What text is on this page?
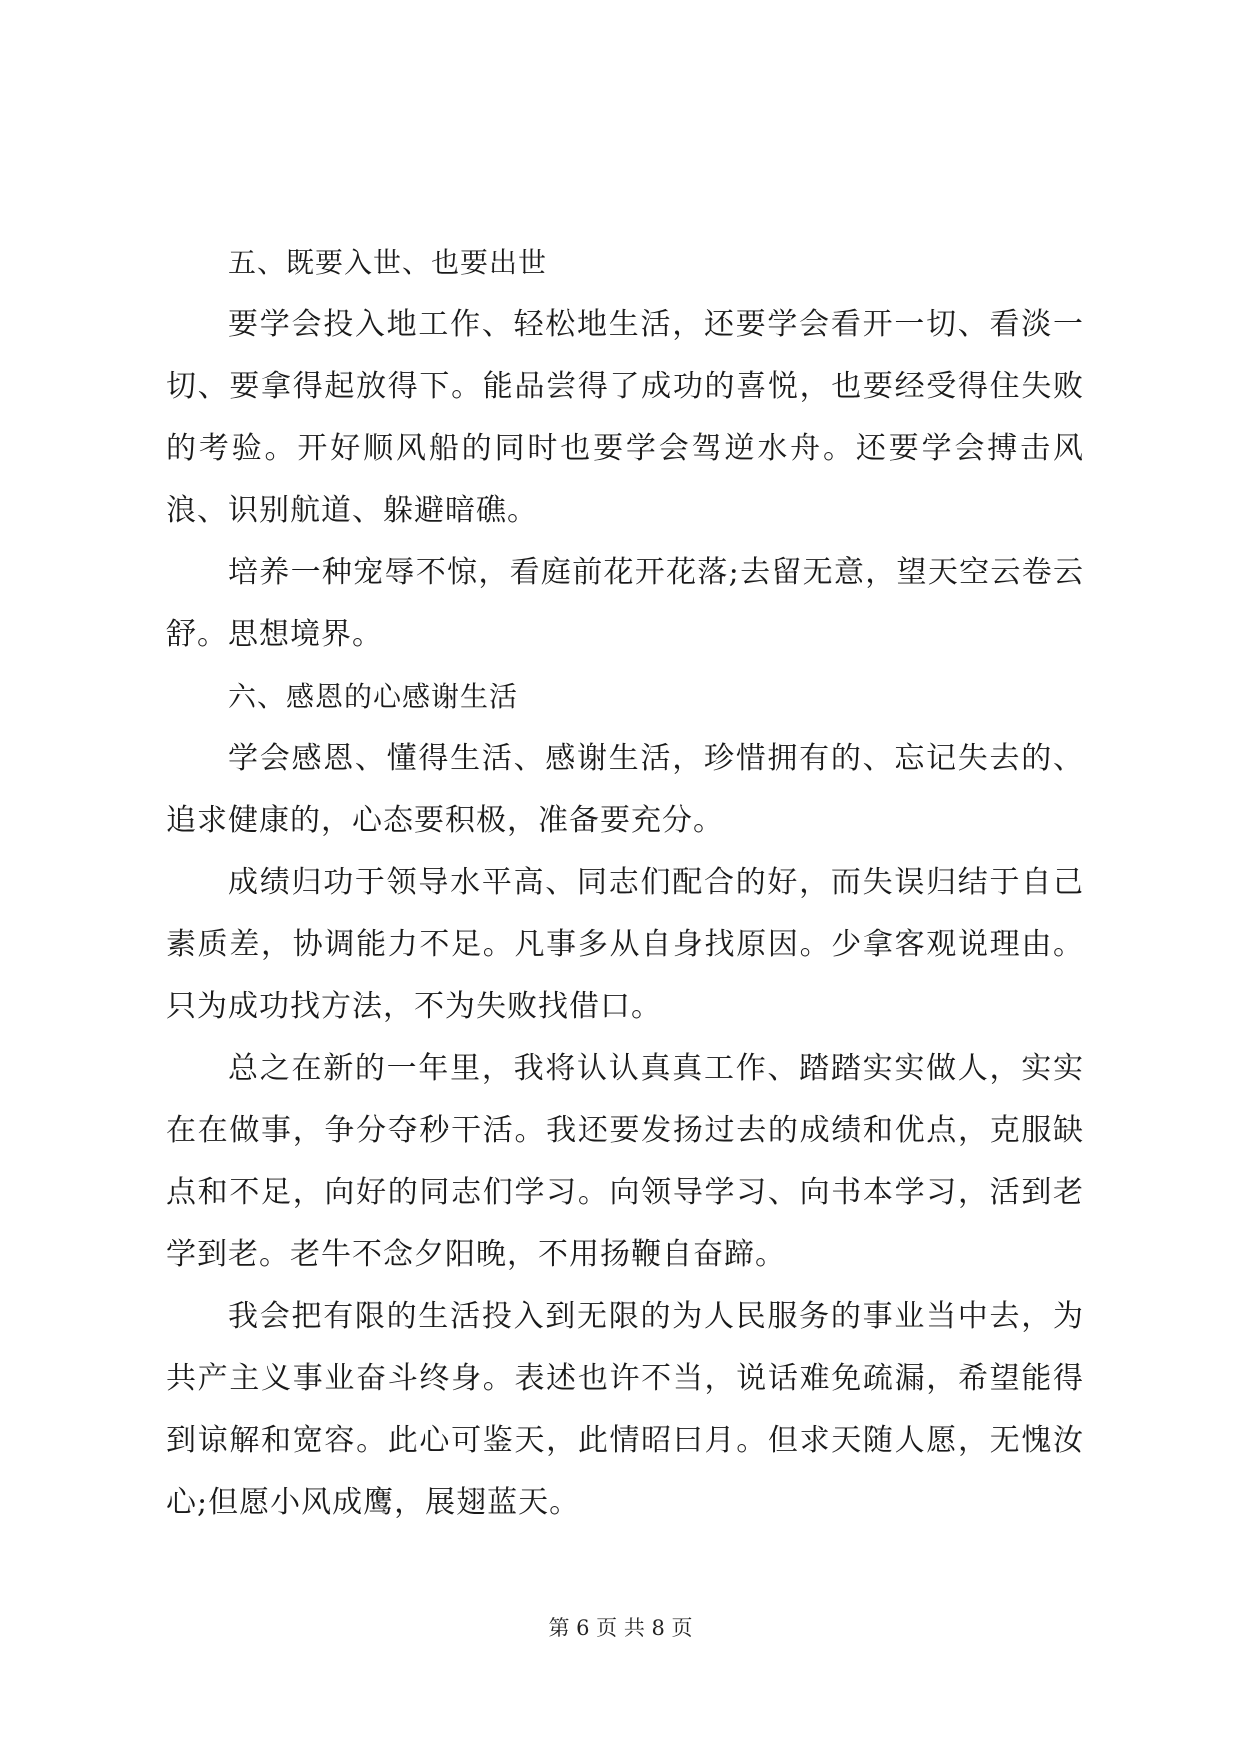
五、既要入世、也要出世

要学会投入地工作、轻松地生活，还要学会看开一切、看淡一切、要拿得起放得下。能品尝得了成功的喜悦，也要经受得住失败的考验。开好顺风船的同时也要学会驾逆水舟。还要学会搏击风浪、识别航道、躲避暗礁。

培养一种宠辱不惊，看庭前花开花落;去留无意，望天空云卷云舒。思想境界。

六、感恩的心感谢生活

学会感恩、懂得生活、感谢生活，珍惜拥有的、忘记失去的、追求健康的，心态要积极，准备要充分。

成绩归功于领导水平高、同志们配合的好，而失误归结于自己素质差，协调能力不足。凡事多从自身找原因。少拿客观说理由。只为成功找方法，不为失败找借口。

总之在新的一年里，我将认认真真工作、踏踏实实做人，实实在在做事，争分夺秒干活。我还要发扬过去的成绩和优点，克服缺点和不足，向好的同志们学习。向领导学习、向书本学习，活到老学到老。老牛不念夕阳晚，不用扬鞭自奋蹄。

我会把有限的生活投入到无限的为人民服务的事业当中去，为共产主义事业奋斗终身。表述也许不当，说话难免疏漏，希望能得到谅解和宽容。此心可鉴天，此情昭曰月。但求天随人愿，无愧汝心;但愿小风成鹰，展翅蓝天。

第 6 页 共 8 页
